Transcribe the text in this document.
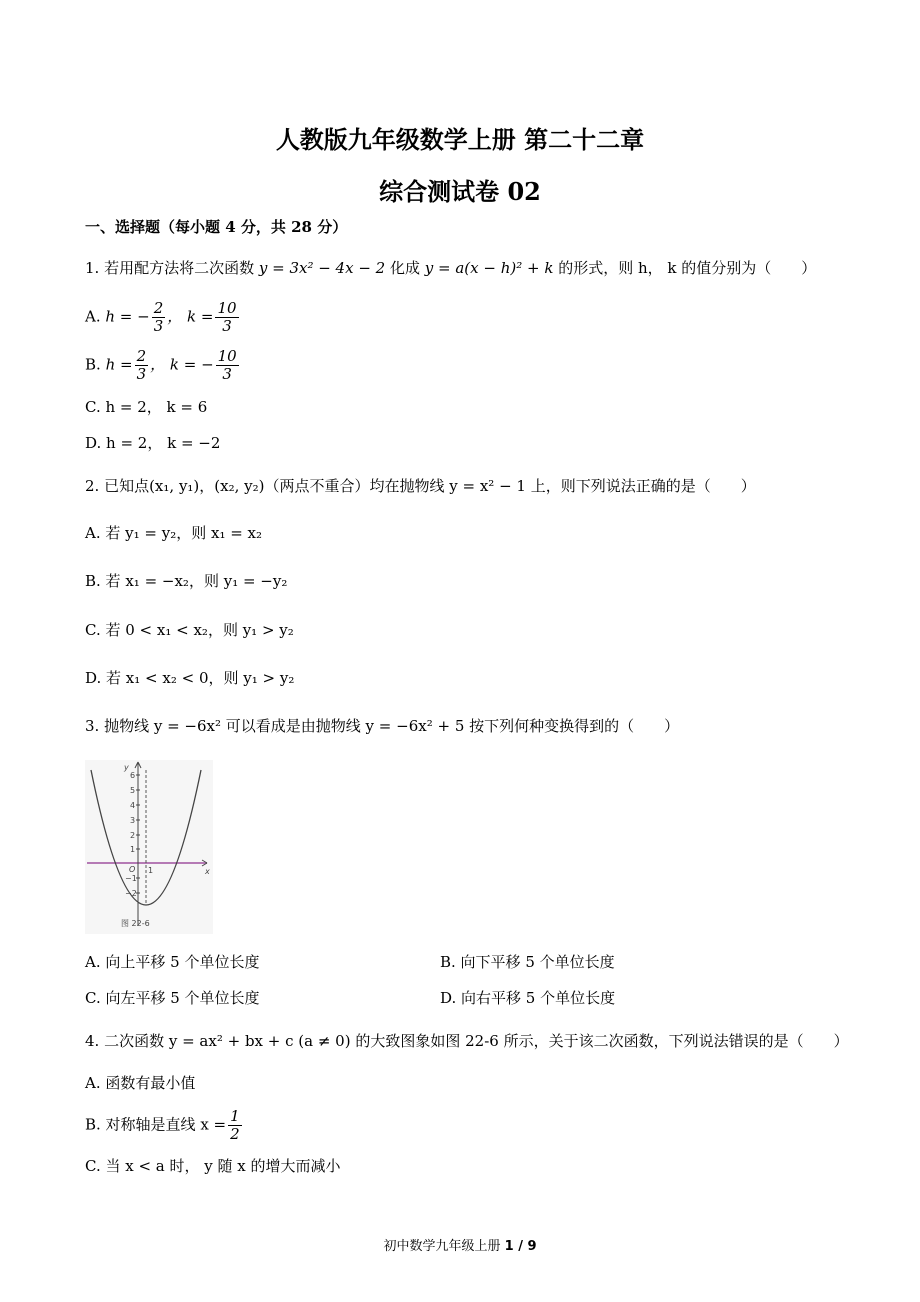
人教版九年级数学上册 第二十二章
综合测试卷 02
一、选择题（每小题 4 分，共 28 分）
1. 若用配方法将二次函数 y = 3x² − 4x − 2 化成 y = a(x − h)² + k 的形式，则 h， k 的值分别为（　　）
A. h = − $\frac{2}{3}$ ， $k = \frac{10}{3}$
B. $h = \frac{2}{3}$ ， k = − $\frac{10}{3}$
C. h = 2， k = 6
D. h = 2， k = −2
2. 已知点(x₁, y₁)，(x₂, y₂)（两点不重合）均在抛物线 y = x² − 1 上，则下列说法正确的是（　　）
A. 若 y₁ = y₂，则 x₁ = x₂
B. 若 x₁ = −x₂，则 y₁ = −y₂
C. 若 0 < x₁ < x₂，则 y₁ > y₂
D. 若 x₁ < x₂ < 0，则 y₁ > y₂
3. 抛物线 y = −6x² 可以看成是由抛物线 y = −6x² + 5 按下列何种变换得到的（　　）
6
5
4
3
2
1
−1
−2
O 1	x
y
图 22-6
A. 向上平移 5 个单位长度	B. 向下平移 5 个单位长度
C. 向左平移 5 个单位长度	D. 向右平移 5 个单位长度
4. 二次函数 y = ax² + bx + c (a ≠ 0) 的大致图象如图 22-6 所示，关于该二次函数，下列说法错误的是（　　）
A. 函数有最小值
B. 对称轴是直线 $x = \frac{1}{2}$
C. 当 x < a 时， y 随 x 的增大而减小
初中数学九年级上册 1 / 9
